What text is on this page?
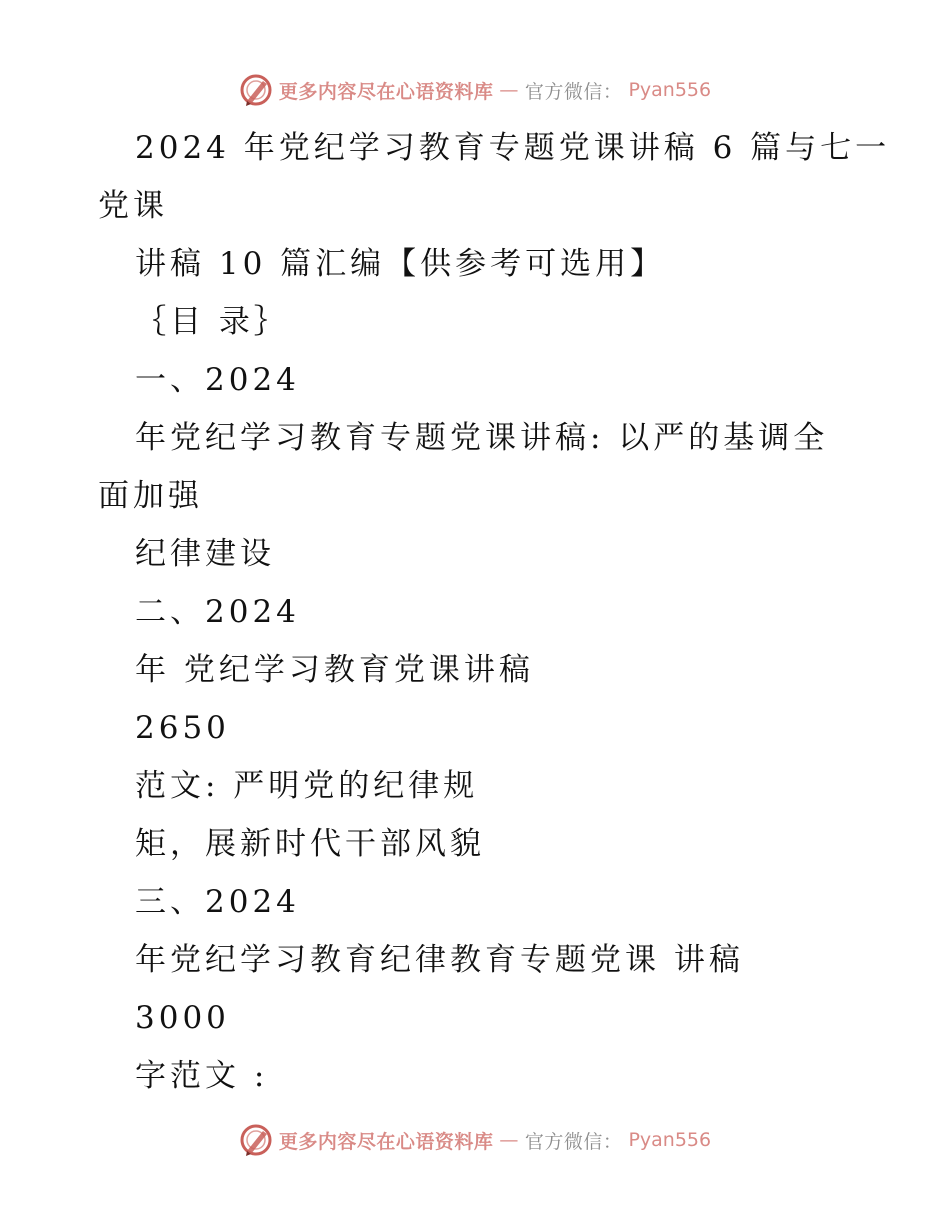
更多内容尽在心语资料库 — 官方微信： Pyan556
2024 年党纪学习教育专题党课讲稿 6 篇与七一
党课
讲稿 10 篇汇编【供参考可选用】
｛目 录｝
一、2024
年党纪学习教育专题党课讲稿: 以严的基调全
面加强
纪律建设
二、2024
年 党纪学习教育党课讲稿
2650
范文: 严明党的纪律规
矩，展新时代干部风貌
三、2024
年党纪学习教育纪律教育专题党课 讲稿
3000
字范文 :
更多内容尽在心语资料库 — 官方微信： Pyan556
